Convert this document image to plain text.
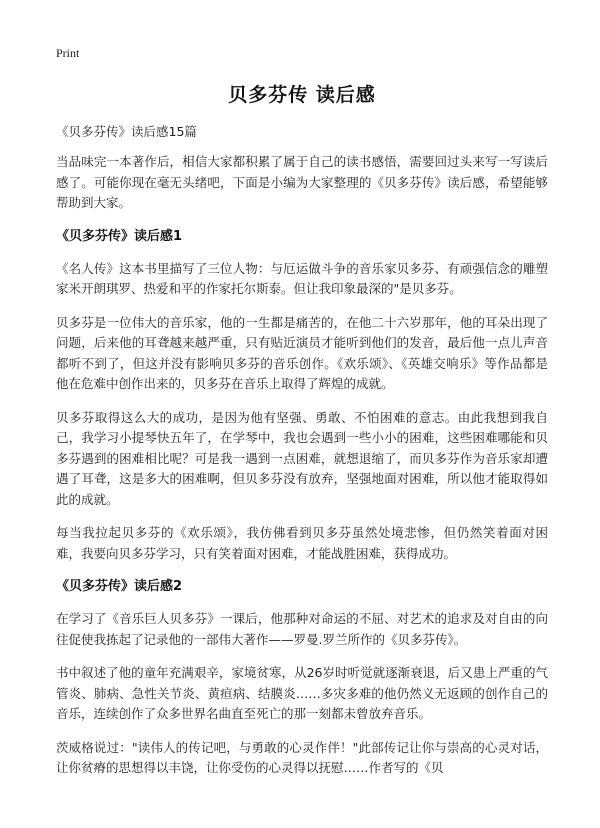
Print
贝多芬传 读后感
《贝多芬传》读后感15篇

当品味完一本著作后，相信大家都积累了属于自己的读书感悟，需要回过头来写一写读后感了。可能你现在毫无头绪吧，下面是小编为大家整理的《贝多芬传》读后感，希望能够帮助到大家。

《贝多芬传》读后感1

《名人传》这本书里描写了三位人物：与厄运做斗争的音乐家贝多芬、有顽强信念的雕塑家米开朗琪罗、热爱和平的作家托尔斯泰。但让我印象最深的"是贝多芬。

贝多芬是一位伟大的音乐家，他的一生都是痛苦的，在他二十六岁那年，他的耳朵出现了问题，后来他的耳聋越来越严重，只有贴近演员才能听到他们的发音，最后他一点儿声音都听不到了，但这并没有影响贝多芬的音乐创作。《欢乐颂》、《英雄交响乐》等作品都是他在危难中创作出来的，贝多芬在音乐上取得了辉煌的成就。

贝多芬取得这么大的成功，是因为他有坚强、勇敢、不怕困难的意志。由此我想到我自己，我学习小提琴快五年了，在学琴中，我也会遇到一些小小的困难，这些困难哪能和贝多芬遇到的困难相比呢？可是我一遇到一点困难，就想退缩了，而贝多芬作为音乐家却遭遇了耳聋，这是多大的困难啊，但贝多芬没有放弃，坚强地面对困难，所以他才能取得如此的成就。

每当我拉起贝多芬的《欢乐颂》，我仿佛看到贝多芬虽然处境悲惨，但仍然笑着面对困难，我要向贝多芬学习，只有笑着面对困难，才能战胜困难，获得成功。

《贝多芬传》读后感2

在学习了《音乐巨人贝多芬》一课后，他那种对命运的不屈、对艺术的追求及对自由的向往促使我拣起了记录他的一部伟大著作——罗曼.罗兰所作的《贝多芬传》。

书中叙述了他的童年充满艰辛，家境贫寒，从26岁时听觉就逐渐衰退，后又患上严重的气管炎、肺病、急性关节炎、黄疸病、结膜炎……多灾多难的他仍然义无返顾的创作自己的音乐，连续创作了众多世界名曲直至死亡的那一刻都未曾放弃音乐。

茨威格说过："读伟人的传记吧，与勇敢的心灵作伴！"此部传记让你与崇高的心灵对话，让你贫瘠的思想得以丰饶，让你受伤的心灵得以抚慰……作者写的《贝
